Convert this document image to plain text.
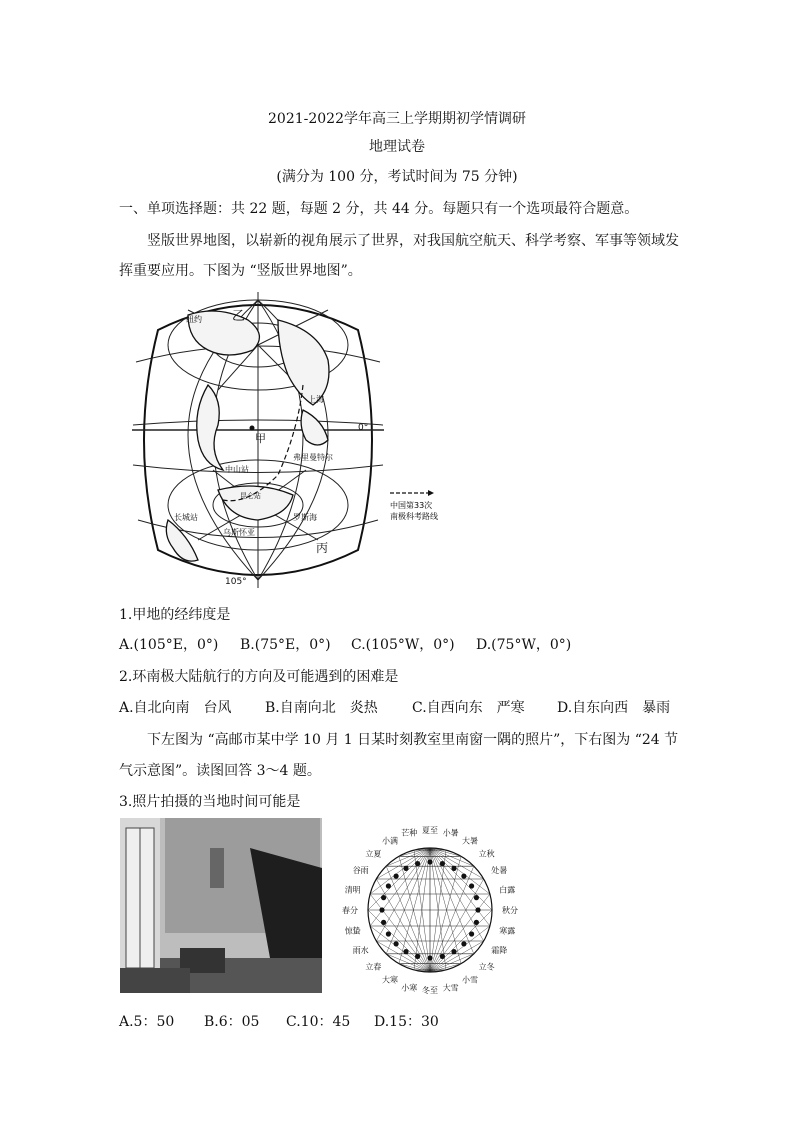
2021-2022学年高三上学期期初学情调研
地理试卷
(满分为 100 分，考试时间为 75 分钟)
一、单项选择题：共 22 题，每题 2 分，共 44 分。每题只有一个选项最符合题意。
竖版世界地图，以崭新的视角展示了世界，对我国航空航天、科学考察、军事等领域发
挥重要应用。下图为 “竖版世界地图”。
乙
纽约
上海
甲
0°
中山站
弗里曼特尔
昆仑站
长城站	罗斯海
乌斯怀亚
丙
105°
中国第33次
南极科考路线
1.甲地的经纬度是
A.(105°E，0°) B.(75°E，0°) C.(105°W，0°) D.(75°W，0°)
2.环南极大陆航行的方向及可能遇到的困难是
A.自北向南　台风 B.自南向北　炎热 C.自西向东　严寒 D.自东向西　暴雨
下左图为 “高邮市某中学 10 月 1 日某时刻教室里南窗一隅的照片”，下右图为 “24 节
气示意图”。读图回答 3～4 题。
3.照片拍摄的当地时间可能是
夏至 小暑
大暑
立秋
处暑
白露
秋分
寒露
霜降
立冬
小雪
大雪
冬至
小寒
大寒
立春
雨水
惊蛰
春分
清明
谷雨
立夏
小满
芒种
A.5：50 B.6：05 C.10：45 D.15：30
